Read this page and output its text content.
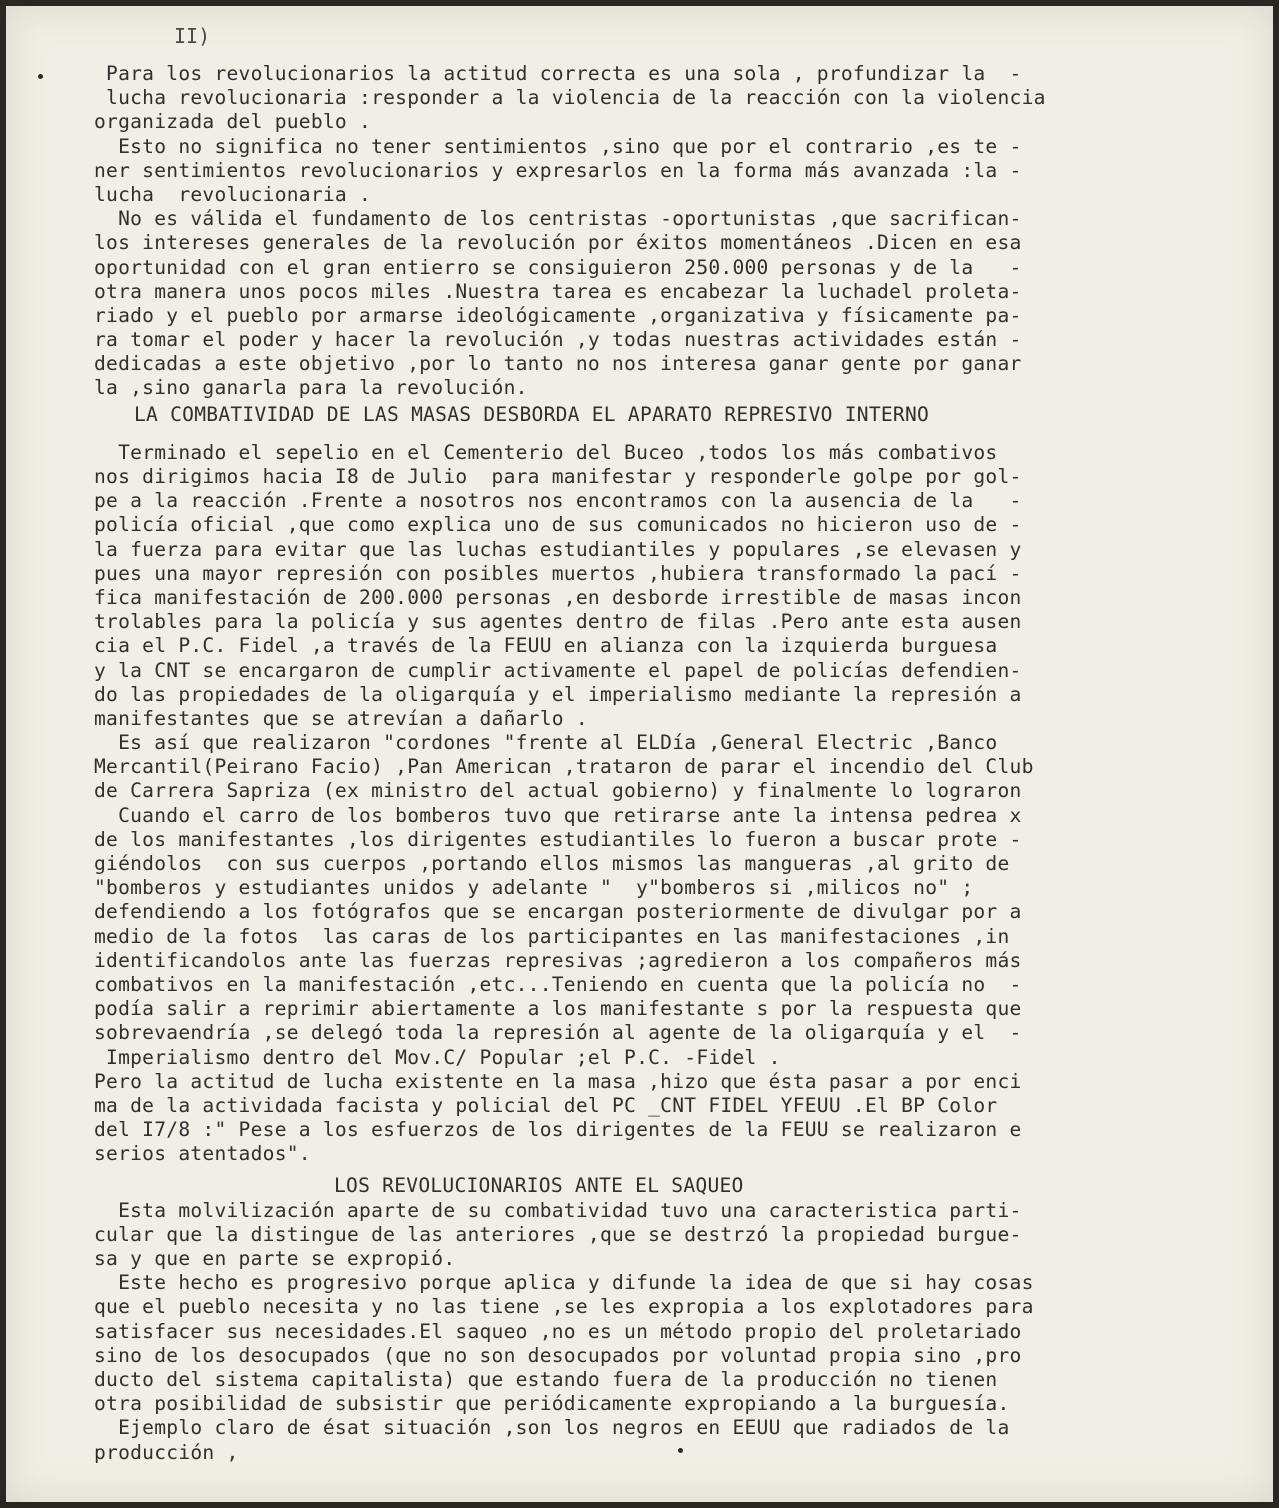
II)
Para los revolucionarios la actitud correcta es una sola , profundizar la  -
lucha revolucionaria :responder a la violencia de la reacción con la violencia
organizada del pueblo .
Esto no significa no tener sentimientos ,sino que por el contrario ,es te -
ner sentimientos revolucionarios y expresarlos en la forma más avanzada :la -
lucha  revolucionaria .
No es válida el fundamento de los centristas -oportunistas ,que sacrifican-
los intereses generales de la revolución por éxitos momentáneos .Dicen en esa
oportunidad con el gran entierro se consiguieron 250.000 personas y de la   -
otra manera unos pocos miles .Nuestra tarea es encabezar la luchadel proleta-
riado y el pueblo por armarse ideológicamente ,organizativa y físicamente pa-
ra tomar el poder y hacer la revolución ,y todas nuestras actividades están -
dedicadas a este objetivo ,por lo tanto no nos interesa ganar gente por ganar
la ,sino ganarla para la revolución.
LA COMBATIVIDAD DE LAS MASAS DESBORDA EL APARATO REPRESIVO INTERNO
Terminado el sepelio en el Cementerio del Buceo ,todos los más combativos
nos dirigimos hacia I8 de Julio  para manifestar y responderle golpe por gol-
pe a la reacción .Frente a nosotros nos encontramos con la ausencia de la   -
policía oficial ,que como explica uno de sus comunicados no hicieron uso de -
la fuerza para evitar que las luchas estudiantiles y populares ,se elevasen y
pues una mayor represión con posibles muertos ,hubiera transformado la pací -
fica manifestación de 200.000 personas ,en desborde irrestible de masas incon
trolables para la policía y sus agentes dentro de filas .Pero ante esta ausen
cia el P.C. Fidel ,a través de la FEUU en alianza con la izquierda burguesa
y la CNT se encargaron de cumplir activamente el papel de policías defendien-
do las propiedades de la oligarquía y el imperialismo mediante la represión a
manifestantes que se atrevían a dañarlo .
Es así que realizaron "cordones "frente al ELDía ,General Electric ,Banco
Mercantil(Peirano Facio) ,Pan American ,trataron de parar el incendio del Club
de Carrera Sapriza (ex ministro del actual gobierno) y finalmente lo lograron
Cuando el carro de los bomberos tuvo que retirarse ante la intensa pedrea x
de los manifestantes ,los dirigentes estudiantiles lo fueron a buscar prote -
giéndolos  con sus cuerpos ,portando ellos mismos las mangueras ,al grito de
"bomberos y estudiantes unidos y adelante "  y"bomberos si ,milicos no" ;
defendiendo a los fotógrafos que se encargan posteriormente de divulgar por a
medio de la fotos  las caras de los participantes en las manifestaciones ,in
identificandolos ante las fuerzas represivas ;agredieron a los compañeros más
combativos en la manifestación ,etc...Teniendo en cuenta que la policía no  -
podía salir a reprimir abiertamente a los manifestante s por la respuesta que
sobrevaendría ,se delegó toda la represión al agente de la oligarquía y el  -
Imperialismo dentro del Mov.C/ Popular ;el P.C. -Fidel .
Pero la actitud de lucha existente en la masa ,hizo que ésta pasar a por enci
ma de la actividada facista y policial del PC _CNT FIDEL YFEUU .El BP Color
del I7/8 :" Pese a los esfuerzos de los dirigentes de la FEUU se realizaron e
serios atentados".
LOS REVOLUCIONARIOS ANTE EL SAQUEO
Esta molvilización aparte de su combatividad tuvo una caracteristica parti-
cular que la distingue de las anteriores ,que se destrzó la propiedad burgue-
sa y que en parte se expropió.
Este hecho es progresivo porque aplica y difunde la idea de que si hay cosas
que el pueblo necesita y no las tiene ,se les expropia a los explotadores para
satisfacer sus necesidades.El saqueo ,no es un método propio del proletariado
sino de los desocupados (que no son desocupados por voluntad propia sino ,pro
ducto del sistema capitalista) que estando fuera de la producción no tienen
otra posibilidad de subsistir que periódicamente expropiando a la burguesía.
Ejemplo claro de ésat situación ,son los negros en EEUU que radiados de la
producción ,
